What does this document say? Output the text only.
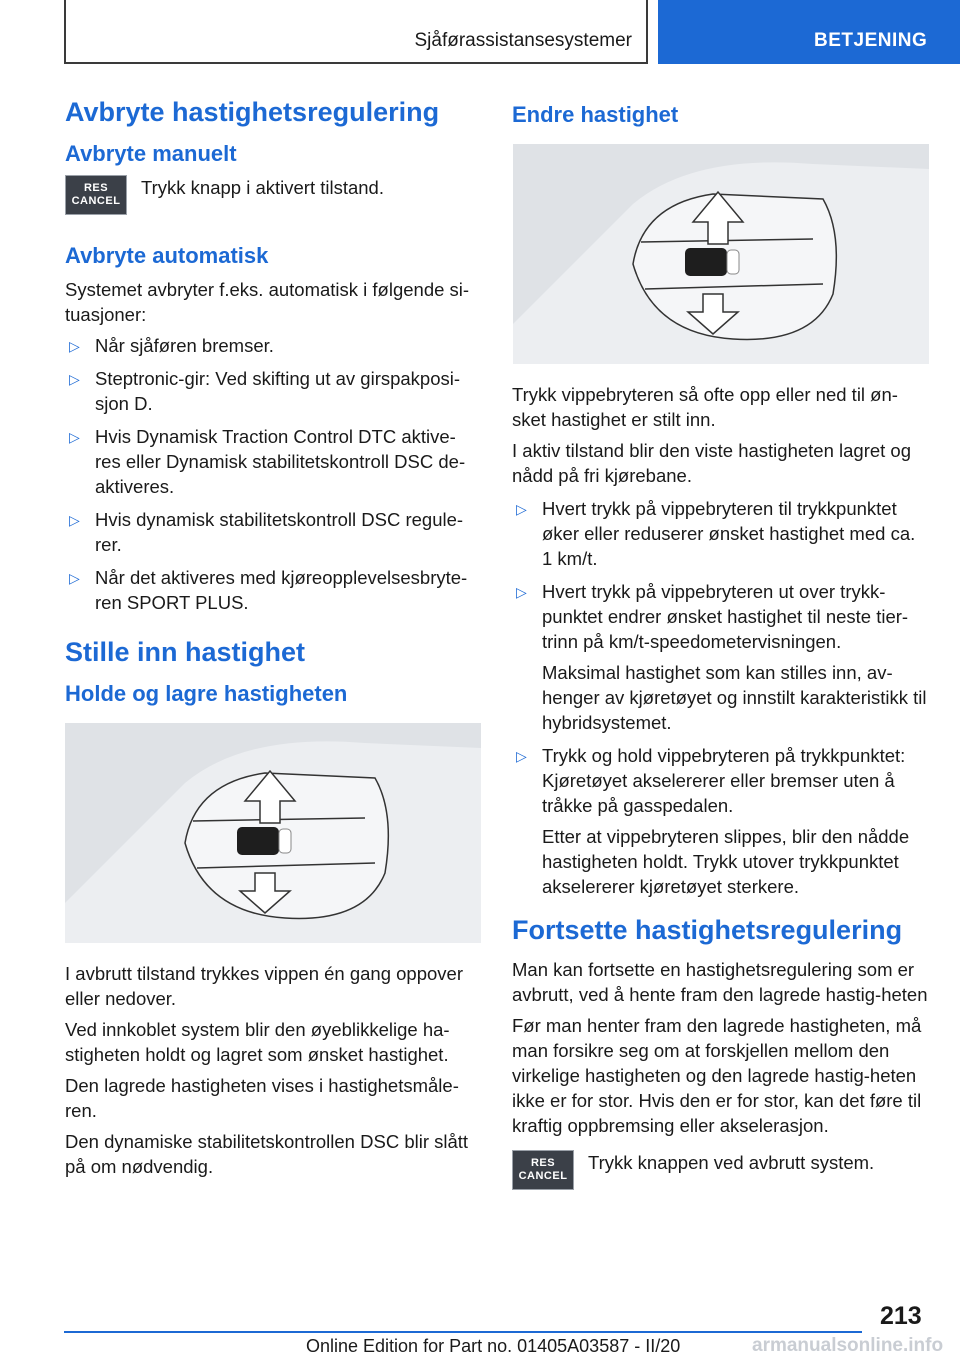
Sjåførassistansesystemer	BETJENING
Avbryte hastighetsregulering
Avbryte manuelt
RES
CANCEL

Trykk knapp i aktivert tilstand.

Avbryte automatisk

Systemet avbryter f.eks. automatisk i følgende si-tuasjoner:

▷ Når sjåføren bremser.
▷ Steptronic-gir: Ved skifting ut av girspakposi-sjon D.
▷ Hvis Dynamisk Traction Control DTC aktive-res eller Dynamisk stabilitetskontroll DSC de-aktiveres.
▷ Hvis dynamisk stabilitetskontroll DSC regule-rer.
▷ Når det aktiveres med kjøreopplevelsesbryte-ren SPORT PLUS.
Stille inn hastighet
Holde og lagre hastigheten

I avbrutt tilstand trykkes vippen én gang oppover eller nedover.

Ved innkoblet system blir den øyeblikkelige ha-stigheten holdt og lagret som ønsket hastighet.

Den lagrede hastigheten vises i hastighetsmåle-ren.

Den dynamiske stabilitetskontrollen DSC blir slått på om nødvendig.

Endre hastighet

Trykk vippebryteren så ofte opp eller ned til øn-sket hastighet er stilt inn.

I aktiv tilstand blir den viste hastigheten lagret og nådd på fri kjørebane.

▷ Hvert trykk på vippebryteren til trykkpunktet øker eller reduserer ønsket hastighet med ca. 1 km/t.
▷ Hvert trykk på vippebryteren ut over trykk-punktet endrer ønsket hastighet til neste tier-trinn på km/t-speedometervisningen.

Maksimal hastighet som kan stilles inn, av-henger av kjøretøyet og innstilt karakteristikk til hybridsystemet.

▷ Trykk og hold vippebryteren på trykkpunktet: Kjøretøyet akselererer eller bremser uten å tråkke på gasspedalen.

Etter at vippebryteren slippes, blir den nådde hastigheten holdt. Trykk utover trykkpunktet akselererer kjøretøyet sterkere.

Fortsette hastighetsregulering

Man kan fortsette en hastighetsregulering som er avbrutt, ved å hente fram den lagrede hastig-heten

Før man henter fram den lagrede hastigheten, må man forsikre seg om at forskjellen mellom den virkelige hastigheten og den lagrede hastig-heten ikke er for stor. Hvis den er for stor, kan det føre til kraftig oppbremsing eller akselerasjon.

RES
CANCEL

Trykk knappen ved avbrutt system.

213
Online Edition for Part no. 01405A03587 - II/20	armanualsonline.info
